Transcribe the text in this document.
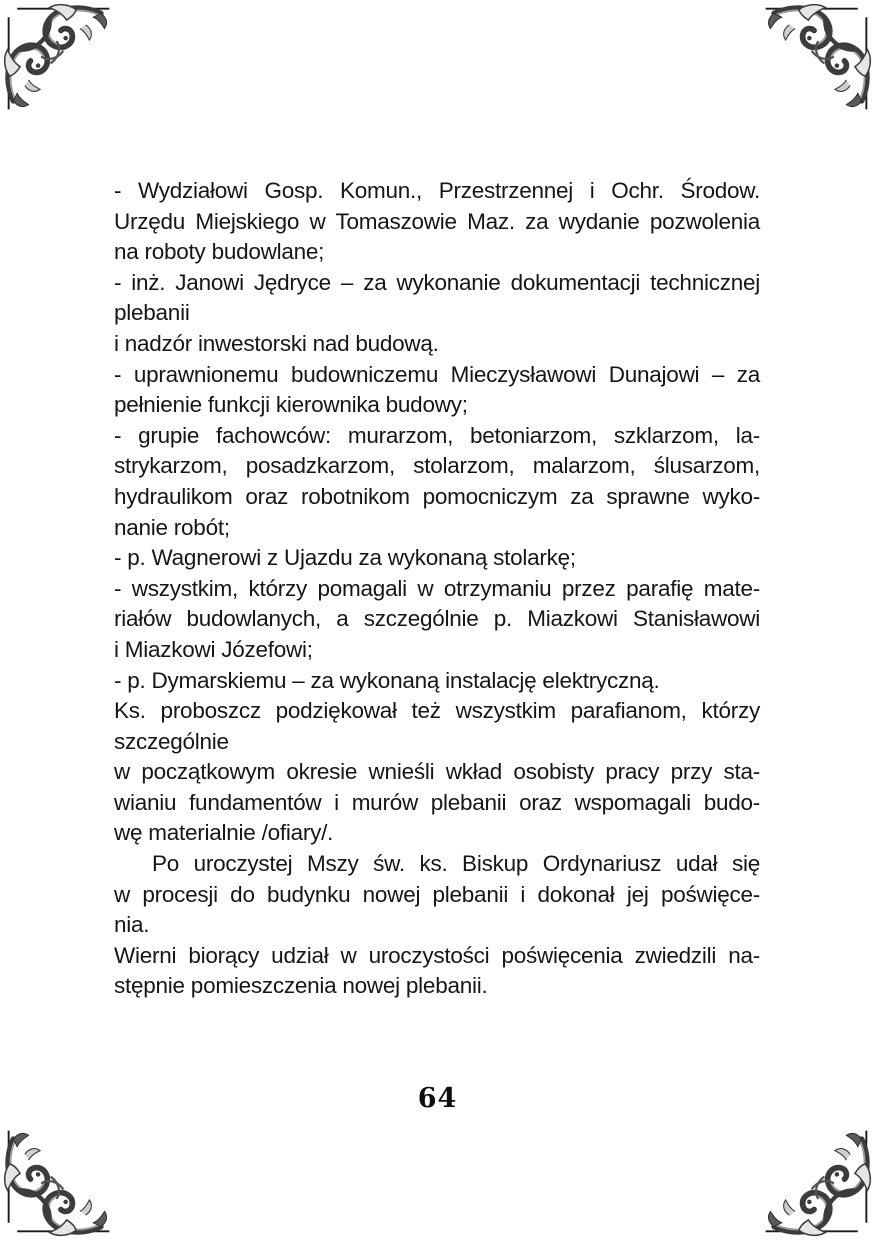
- Wydziałowi Gosp. Komun., Przestrzennej i Ochr. Środow.
Urzędu Miejskiego w Tomaszowie Maz. za wydanie pozwolenia
na roboty budowlane;
- inż. Janowi Jędryce – za wykonanie dokumentacji technicznej
plebanii
i nadzór inwestorski nad budową.
- uprawnionemu budowniczemu Mieczysławowi Dunajowi – za
pełnienie funkcji kierownika budowy;
- grupie fachowców: murarzom, betoniarzom, szklarzom, la-
strykarzom, posadzkarzom, stolarzom, malarzom, ślusarzom,
hydraulikom oraz robotnikom pomocniczym za sprawne wyko-
nanie robót;
- p. Wagnerowi z Ujazdu za wykonaną stolarkę;
- wszystkim, którzy pomagali w otrzymaniu przez parafię mate-
riałów budowlanych, a szczególnie p. Miazkowi Stanisławowi
i Miazkowi Józefowi;
- p. Dymarskiemu – za wykonaną instalację elektryczną.
Ks. proboszcz podziękował też wszystkim parafianom, którzy
szczególnie
w początkowym okresie wnieśli wkład osobisty pracy przy sta-
wianiu fundamentów i murów plebanii oraz wspomagali budo-
wę materialnie /ofiary/.
Po uroczystej Mszy św. ks. Biskup Ordynariusz udał się
w procesji do budynku nowej plebanii i dokonał jej poświęce-
nia.
Wierni biorący udział w uroczystości poświęcenia zwiedzili na-
stępnie pomieszczenia nowej plebanii.
64
